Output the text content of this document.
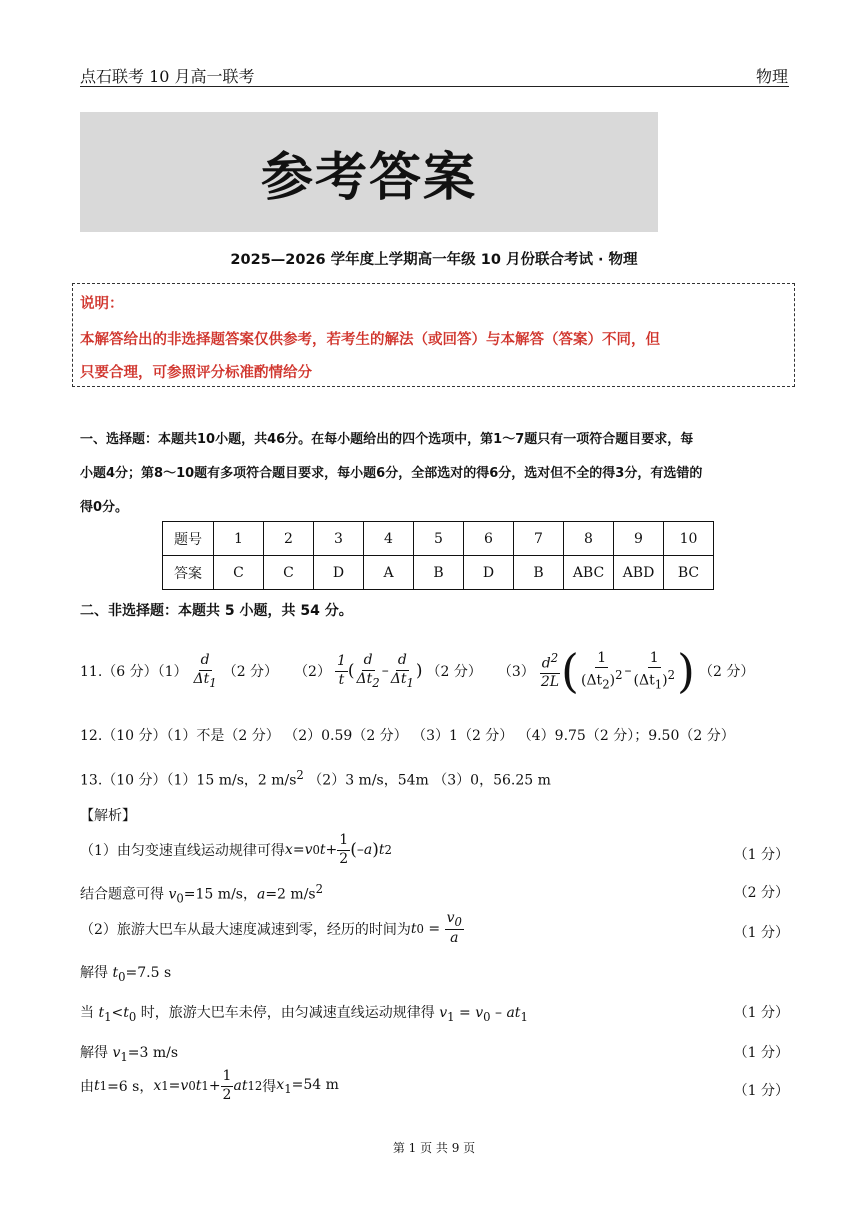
点石联考 10 月高一联考	物理
参考答案
2025—2026 学年度上学期高一年级 10 月份联合考试 · 物理
说明：
本解答给出的非选择题答案仅供参考，若考生的解法（或回答）与本解答（答案）不同，但
只要合理，可参照评分标准酌情给分
一、选择题：本题共10小题，共46分。在每小题给出的四个选项中，第1～7题只有一项符合题目要求，每
小题4分；第8～10题有多项符合题目要求，每小题6分，全部选对的得6分，选对但不全的得3分，有选错的
得0分。
题号	1	2	3	4	5	6	7	8	9	10
答案	C	C	D	A	B	D	B	ABC	ABD	BC
二、非选择题：本题共 5 小题，共 54 分。
11.（6 分）$(1) \frac{d}{\Delta t_1} (2$ 分） $(2) \frac{1}{t}$ ( $\frac{d}{\Delta t_2} - \frac{d}{\Delta t_1}$ ) （2 分） $(3) \frac{d^2}{2L}$ ( $\frac{1}{(\Delta t_2)^2} - \frac{1}{(\Delta t_1)^2}$ ) （2 分）
12.（10 分）（1）不是（2 分） （2）0.59（2 分） （3）1（2 分） （4）9.75（2 分）；9.50（2 分）
13.（10 分）（1）15 m/s，2 $m/s^2$ （2）3 m/s，54m （3）0，56.25 m
【解析】
（1）由匀变速直线运动规律可得 x = v 0 $t + \frac{1}{2}$ ( – a ) t 2	（1 分）
结合题意可得 $v_0=15$ m/s，a=2 $m/s^2$	（2 分）
（2）旅游大巴车从最大速度减速到零，经历的时间为 t $0 = \frac{v_0}{a}$	（1 分）
解得 $t_0=7.5$ s
当 $t_1<t_0$ 时，旅游大巴车未停，由匀减速直线运动规律得 $v_1 = v_0 - at_1$	（1 分）
解得 $v_1=3$ m/s	（1 分）
由 t 1 =6 s， x 1 = v 0 t $1 + \frac{1}{2}$ at 1 2 得 $x_1=54$ m	（1 分）
第 1 页 共 9 页
